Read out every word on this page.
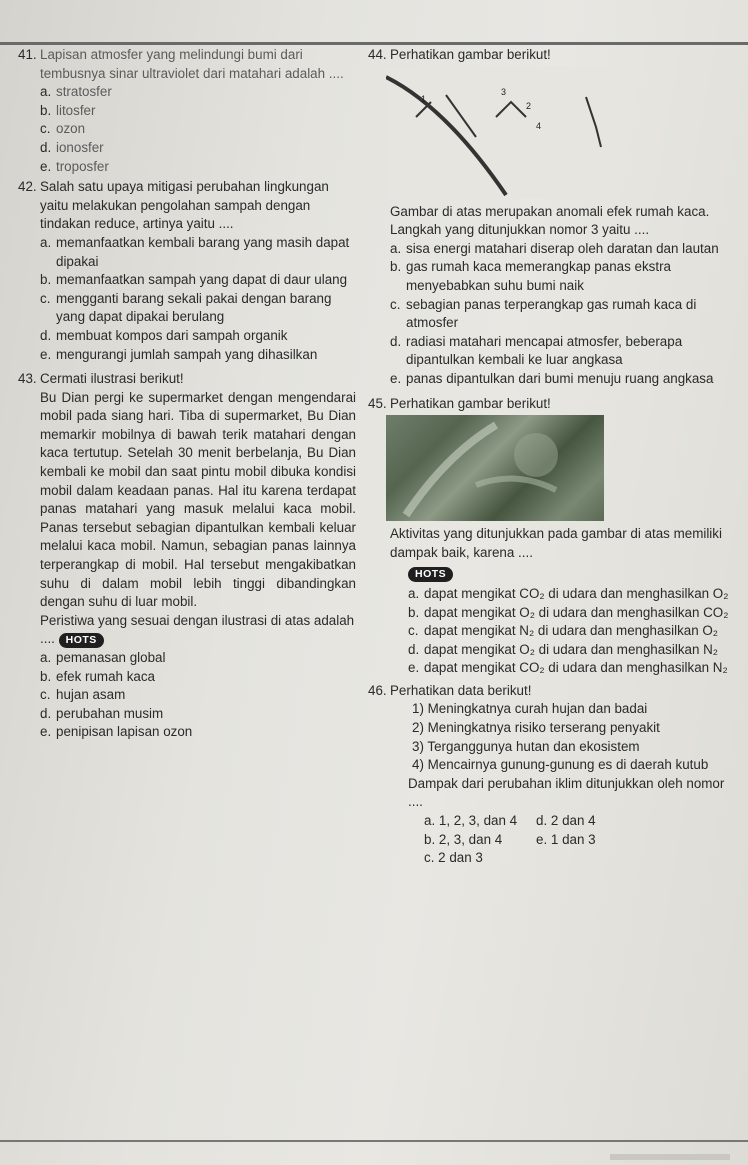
41. Lapisan atmosfer yang melindungi bumi dari tembusnya sinar ultraviolet dari matahari adalah ....
a. stratosfer
b. litosfer
c. ozon
d. ionosfer
e. troposfer
42. Salah satu upaya mitigasi perubahan lingkungan yaitu melakukan pengolahan sampah dengan tindakan reduce, artinya yaitu ....
a. memanfaatkan kembali barang yang masih dapat dipakai
b. memanfaatkan sampah yang dapat di daur ulang
c. mengganti barang sekali pakai dengan barang yang dapat dipakai berulang
d. membuat kompos dari sampah organik
e. mengurangi jumlah sampah yang dihasilkan
43. Cermati ilustrasi berikut!

Bu Dian pergi ke supermarket dengan mengendarai mobil pada siang hari. Tiba di supermarket, Bu Dian memarkir mobilnya di bawah terik matahari dengan kaca tertutup. Setelah 30 menit berbelanja, Bu Dian kembali ke mobil dan saat pintu mobil dibuka kondisi mobil dalam keadaan panas. Hal itu karena terdapat panas matahari yang masuk melalui kaca mobil. Panas tersebut sebagian dipantulkan kembali keluar melalui kaca mobil. Namun, sebagian panas lainnya terperangkap di mobil. Hal tersebut mengakibatkan suhu di dalam mobil lebih tinggi dibandingkan dengan suhu di luar mobil.

Peristiwa yang sesuai dengan ilustrasi di atas adalah .... HOTS

a. pemanasan global
b. efek rumah kaca
c. hujan asam
d. perubahan musim
e. penipisan lapisan ozon
44. Perhatikan gambar berikut!
1
2
3
4

Gambar di atas merupakan anomali efek rumah kaca. Langkah yang ditunjukkan nomor 3 yaitu ....

a. sisa energi matahari diserap oleh daratan dan lautan
b. gas rumah kaca memerangkap panas ekstra menyebabkan suhu bumi naik
c. sebagian panas terperangkap gas rumah kaca di atmosfer
d. radiasi matahari mencapai atmosfer, beberapa dipantulkan kembali ke luar angkasa
e. panas dipantulkan dari bumi menuju ruang angkasa
45. Perhatikan gambar berikut!

Aktivitas yang ditunjukkan pada gambar di atas memiliki dampak baik, karena ....

HOTS

a. dapat mengikat CO₂ di udara dan menghasilkan O₂
b. dapat mengikat O₂ di udara dan menghasilkan CO₂
c. dapat mengikat N₂ di udara dan menghasilkan O₂
d. dapat mengikat O₂ di udara dan menghasilkan N₂
e. dapat mengikat CO₂ di udara dan menghasilkan N₂
46. Perhatikan data berikut!

1) Meningkatnya curah hujan dan badai

2) Meningkatnya risiko terserang penyakit

3) Terganggunya hutan dan ekosistem

4) Mencairnya gunung-gunung es di daerah kutub

Dampak dari perubahan iklim ditunjukkan oleh nomor ....

a. 1, 2, 3, dan 4	d. 2 dan 4
b. 2, 3, dan 4	e. 1 dan 3
c. 2 dan 3
